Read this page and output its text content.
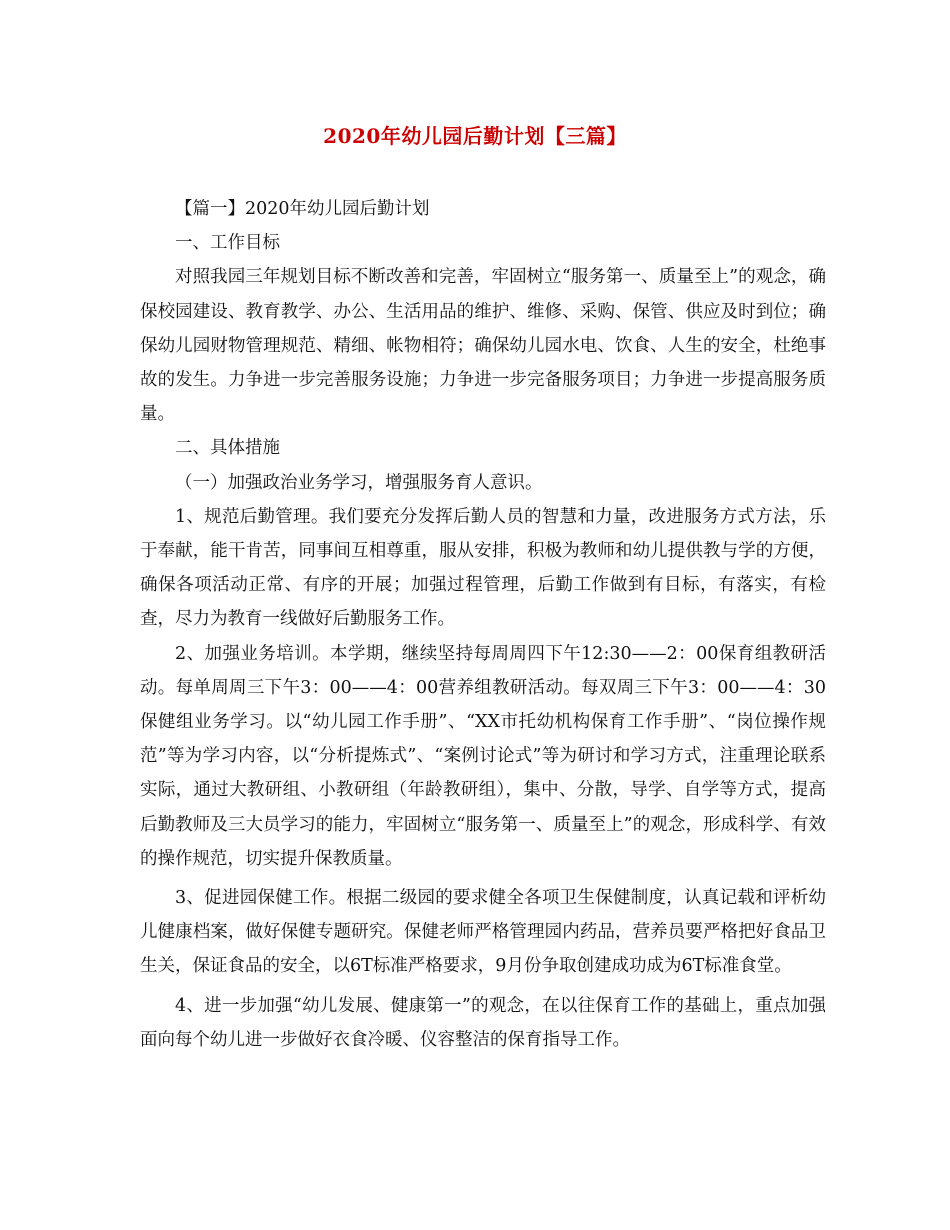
2020年幼儿园后勤计划【三篇】

【篇一】2020年幼儿园后勤计划

一、工作目标

对照我园三年规划目标不断改善和完善，牢固树立“服务第一、质量至上”的观念，确保校园建设、教育教学、办公、生活用品的维护、维修、采购、保管、供应及时到位；确保幼儿园财物管理规范、精细、帐物相符；确保幼儿园水电、饮食、人生的安全，杜绝事故的发生。力争进一步完善服务设施；力争进一步完备服务项目；力争进一步提高服务质量。

二、具体措施

（一）加强政治业务学习，增强服务育人意识。

1、规范后勤管理。我们要充分发挥后勤人员的智慧和力量，改进服务方式方法，乐于奉献，能干肯苦，同事间互相尊重，服从安排，积极为教师和幼儿提供教与学的方便，确保各项活动正常、有序的开展；加强过程管理，后勤工作做到有目标，有落实，有检查，尽力为教育一线做好后勤服务工作。

2、加强业务培训。本学期，继续坚持每周周四下午12:30——2：00保育组教研活动。每单周周三下午3：00——4：00营养组教研活动。每双周三下午3：00——4：30保健组业务学习。以“幼儿园工作手册”、“XX市托幼机构保育工作手册”、“岗位操作规范”等为学习内容，以“分析提炼式”、“案例讨论式”等为研讨和学习方式，注重理论联系实际，通过大教研组、小教研组（年龄教研组），集中、分散，导学、自学等方式，提高后勤教师及三大员学习的能力，牢固树立“服务第一、质量至上”的观念，形成科学、有效的操作规范，切实提升保教质量。

3、促进园保健工作。根据二级园的要求健全各项卫生保健制度，认真记载和评析幼儿健康档案，做好保健专题研究。保健老师严格管理园内药品，营养员要严格把好食品卫生关，保证食品的安全，以6T标准严格要求，9月份争取创建成功成为6T标准食堂。

4、进一步加强“幼儿发展、健康第一”的观念，在以往保育工作的基础上，重点加强面向每个幼儿进一步做好衣食冷暖、仪容整洁的保育指导工作。
